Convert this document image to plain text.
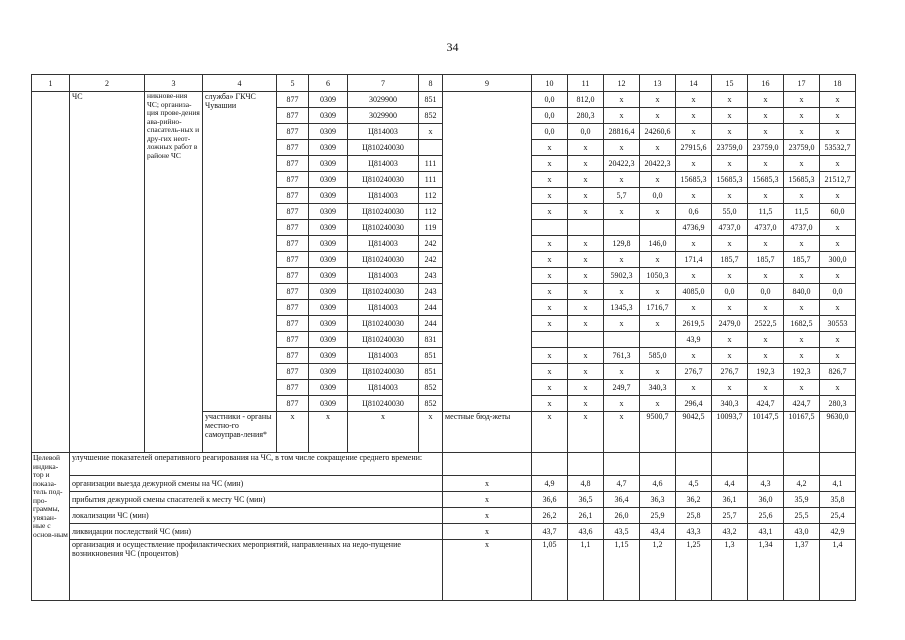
34
1	2	3	4	5	6	7	8	9	10	11	12	13	14	15	16	17	18
	ЧС	никнове-ния ЧС; организа-ция прове-дения ава-рийно-спасатель-ных и дру-гих неот-ложных работ в районе ЧС	служба» ГКЧС Чувашии	877	0309	3029900	851		0,0	812,0	x	x	x	x	x	x	x
				877	0309	3029900	852		0,0	280,3	x	x	x	x	x	x	x
				877	0309	Ц814003	x		0,0	0,0	28816,4	24260,6	x	x	x	x	x
				877	0309	Ц810240030			x	x	x	x	27915,6	23759,0	23759,0	23759,0	53532,7
				877	0309	Ц814003	111		x	x	20422,3	20422,3	x	x	x	x	x
				877	0309	Ц810240030	111		x	x	x	x	15685,3	15685,3	15685,3	15685,3	21512,7
				877	0309	Ц814003	112		x	x	5,7	0,0	x	x	x	x	x
				877	0309	Ц810240030	112		x	x	x	x	0,6	55,0	11,5	11,5	60,0
				877	0309	Ц810240030	119						4736,9	4737,0	4737,0	4737,0	x
				877	0309	Ц814003	242		x	x	129,8	146,0	x	x	x	x	x
				877	0309	Ц810240030	242		x	x	x	x	171,4	185,7	185,7	185,7	300,0
				877	0309	Ц814003	243		x	x	5902,3	1050,3	x	x	x	x	x
				877	0309	Ц810240030	243		x	x	x	x	4085,0	0,0	0,0	840,0	0,0
				877	0309	Ц814003	244		x	x	1345,3	1716,7	x	x	x	x	x
				877	0309	Ц810240030	244		x	x	x	x	2619,5	2479,0	2522,5	1682,5	30553
				877	0309	Ц810240030	831						43,9	x	x	x	x
				877	0309	Ц814003	851		x	x	761,3	585,0	x	x	x	x	x
				877	0309	Ц810240030	851		x	x	x	x	276,7	276,7	192,3	192,3	826,7
				877	0309	Ц814003	852		x	x	249,7	340,3	x	x	x	x	x
				877	0309	Ц810240030	852		x	x	x	x	296,4	340,3	424,7	424,7	280,3
			участники - органы местно-го самоуправ-ления*	x	x	x	x	местные бюд-жеты	x	x	x	9500,7	9042,5	10093,7	10147,5	10167,5	9630,0
Целевой индика-тор и показа-тель под-про-граммы, увязан-ные с основ-ным	улучшение показателей оперативного реагирования на ЧС, в том числе сокращение среднего времени:																
	организации выезда дежурной смены на ЧС (мин)							x	4,9	4,8	4,7	4,6	4,5	4,4	4,3	4,2	4,1
	прибытия дежурной смены спасателей к месту ЧС (мин)							x	36,6	36,5	36,4	36,3	36,2	36,1	36,0	35,9	35,8
	локализации ЧС (мин)							x	26,2	26,1	26,0	25,9	25,8	25,7	25,6	25,5	25,4
	ликвидации последствий ЧС (мин)							x	43,7	43,6	43,5	43,4	43,3	43,2	43,1	43,0	42,9
	организация и осуществление профилактических мероприятий, направленных на недо-пущение возникновения ЧС (процентов)							x	1,05	1,1	1,15	1,2	1,25	1,3	1,34	1,37	1,4
